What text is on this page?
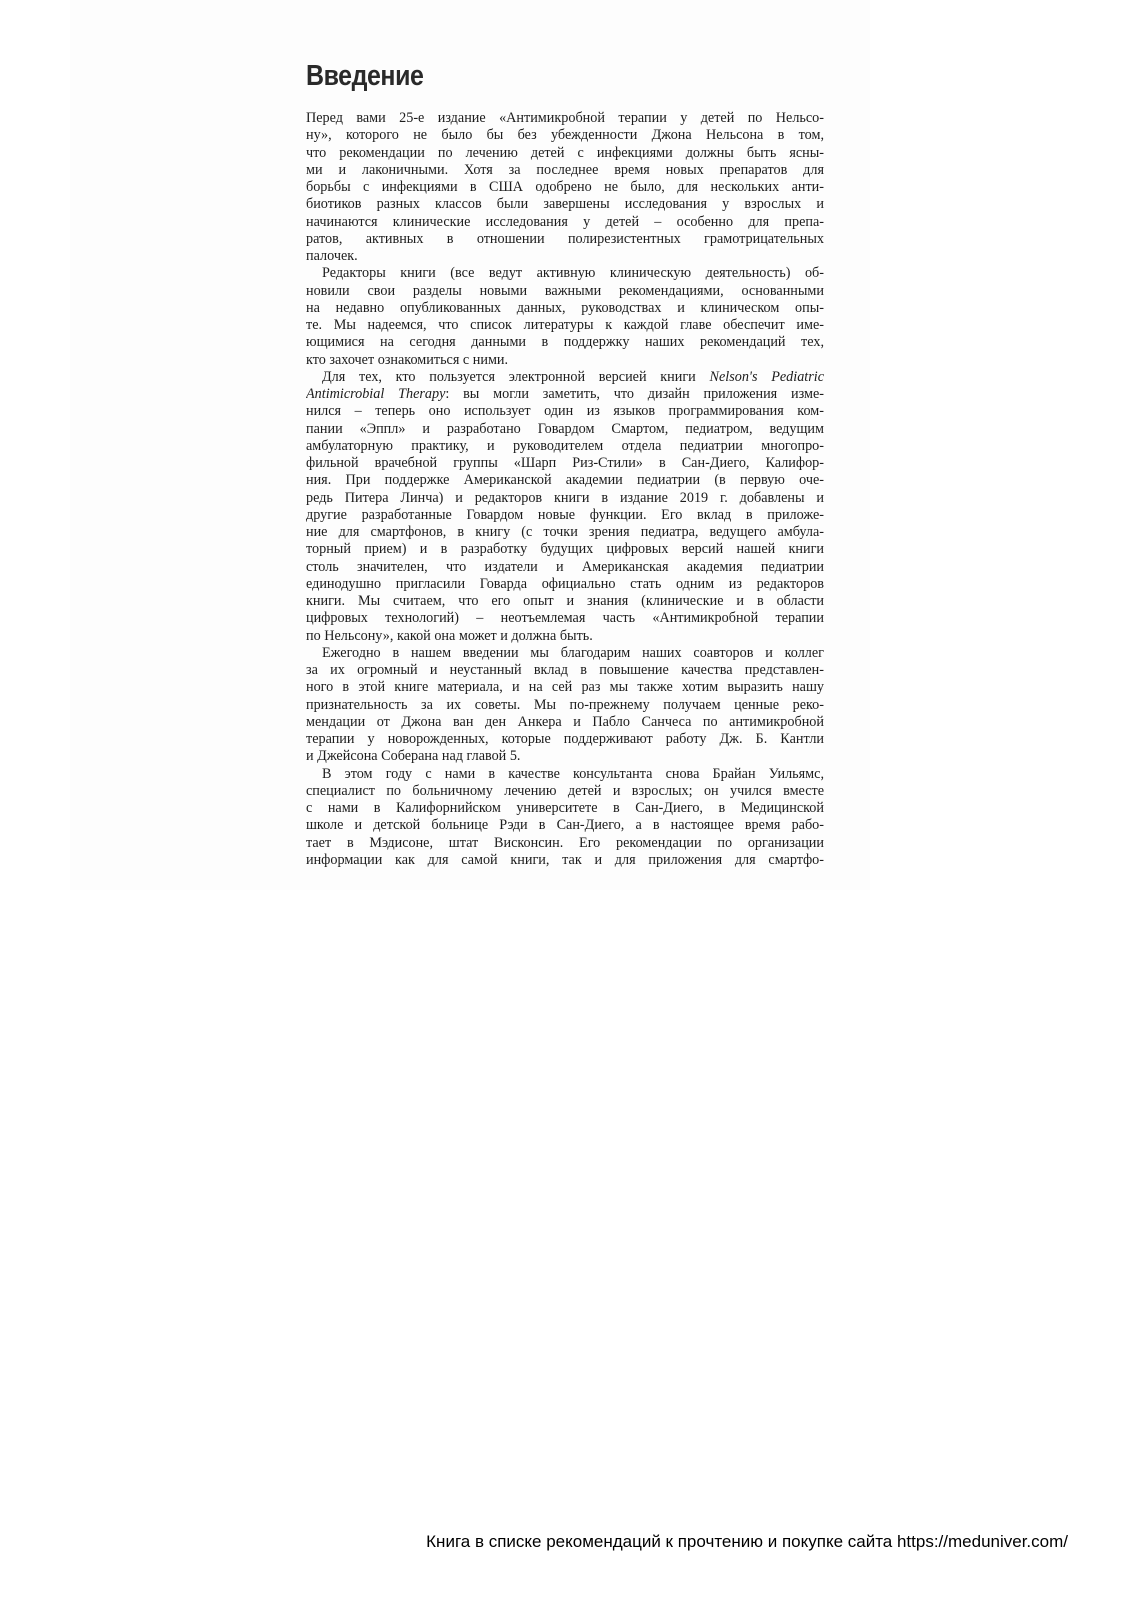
Введение

Перед вами 25-е издание «Антимикробной терапии у детей по Нельсо-
ну», которого не было бы без убежденности Джона Нельсона в том,
что рекомендации по лечению детей с инфекциями должны быть ясны-
ми и лаконичными. Хотя за последнее время новых препаратов для
борьбы с инфекциями в США одобрено не было, для нескольких анти-
биотиков разных классов были завершены исследования у взрослых и
начинаются клинические исследования у детей – особенно для препа-
ратов, активных в отношении полирезистентных грамотрицательных
палочек.

Редакторы книги (все ведут активную клиническую деятельность) об-
новили свои разделы новыми важными рекомендациями, основанными
на недавно опубликованных данных, руководствах и клиническом опы-
те. Мы надеемся, что список литературы к каждой главе обеспечит име-
ющимися на сегодня данными в поддержку наших рекомендаций тех,
кто захочет ознакомиться с ними.

Для тех, кто пользуется электронной версией книги Nelson's Pediatric
Antimicrobial Therapy: вы могли заметить, что дизайн приложения изме-
нился – теперь оно использует один из языков программирования ком-
пании «Эппл» и разработано Говардом Смартом, педиатром, ведущим
амбулаторную практику, и руководителем отдела педиатрии многопро-
фильной врачебной группы «Шарп Риз-Стили» в Сан-Диего, Калифор-
ния. При поддержке Американской академии педиатрии (в первую оче-
редь Питера Линча) и редакторов книги в издание 2019 г. добавлены и
другие разработанные Говардом новые функции. Его вклад в приложе-
ние для смартфонов, в книгу (с точки зрения педиатра, ведущего амбула-
торный прием) и в разработку будущих цифровых версий нашей книги
столь значителен, что издатели и Американская академия педиатрии
единодушно пригласили Говарда официально стать одним из редакторов
книги. Мы считаем, что его опыт и знания (клинические и в области
цифровых технологий) – неотъемлемая часть «Антимикробной терапии
по Нельсону», какой она может и должна быть.

Ежегодно в нашем введении мы благодарим наших соавторов и коллег
за их огромный и неустанный вклад в повышение качества представлен-
ного в этой книге материала, и на сей раз мы также хотим выразить нашу
признательность за их советы. Мы по-прежнему получаем ценные реко-
мендации от Джона ван ден Анкера и Пабло Санчеса по антимикробной
терапии у новорожденных, которые поддерживают работу Дж. Б. Кантли
и Джейсона Соберана над главой 5.

В этом году с нами в качестве консультанта снова Брайан Уильямс,
специалист по больничному лечению детей и взрослых; он учился вместе
с нами в Калифорнийском университете в Сан-Диего, в Медицинской
школе и детской больнице Рэди в Сан-Диего, а в настоящее время рабо-
тает в Мэдисоне, штат Висконсин. Его рекомендации по организации
информации как для самой книги, так и для приложения для смартфо-

Книга в списке рекомендаций к прочтению и покупке сайта https://meduniver.com/
